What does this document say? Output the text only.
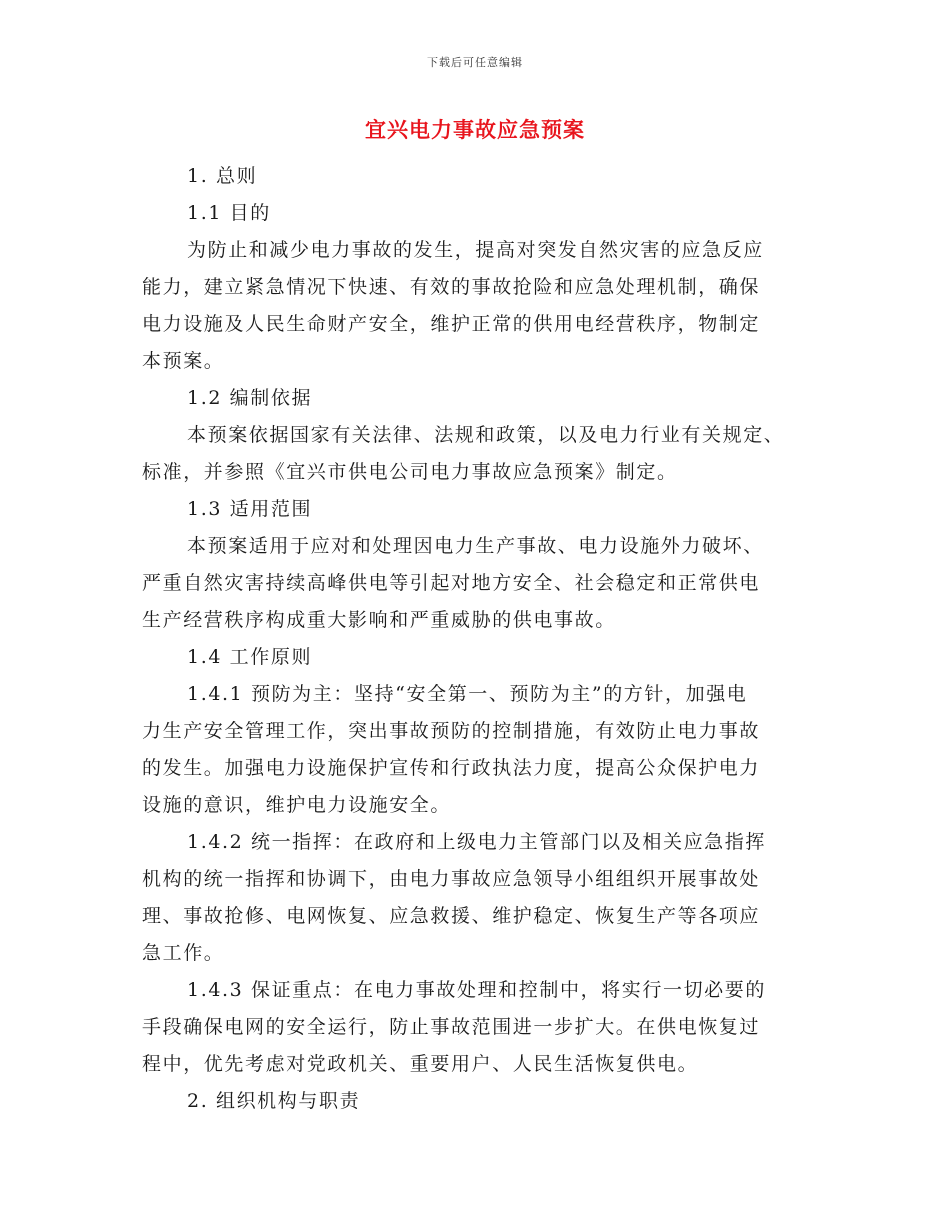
下载后可任意编辑
宜兴电力事故应急预案
1. 总则
1.1 目的
为防止和减少电力事故的发生，提高对突发自然灾害的应急反应
能力，建立紧急情况下快速、有效的事故抢险和应急处理机制，确保
电力设施及人民生命财产安全，维护正常的供用电经营秩序，物制定
本预案。
1.2 编制依据
本预案依据国家有关法律、法规和政策，以及电力行业有关规定、
标准，并参照《宜兴市供电公司电力事故应急预案》制定。
1.3 适用范围
本预案适用于应对和处理因电力生产事故、电力设施外力破坏、
严重自然灾害持续高峰供电等引起对地方安全、社会稳定和正常供电
生产经营秩序构成重大影响和严重威胁的供电事故。
1.4 工作原则
1.4.1 预防为主：坚持“安全第一、预防为主”的方针，加强电
力生产安全管理工作，突出事故预防的控制措施，有效防止电力事故
的发生。加强电力设施保护宣传和行政执法力度，提高公众保护电力
设施的意识，维护电力设施安全。
1.4.2 统一指挥：在政府和上级电力主管部门以及相关应急指挥
机构的统一指挥和协调下，由电力事故应急领导小组组织开展事故处
理、事故抢修、电网恢复、应急救援、维护稳定、恢复生产等各项应
急工作。
1.4.3 保证重点：在电力事故处理和控制中，将实行一切必要的
手段确保电网的安全运行，防止事故范围进一步扩大。在供电恢复过
程中，优先考虑对党政机关、重要用户、人民生活恢复供电。
2. 组织机构与职责
